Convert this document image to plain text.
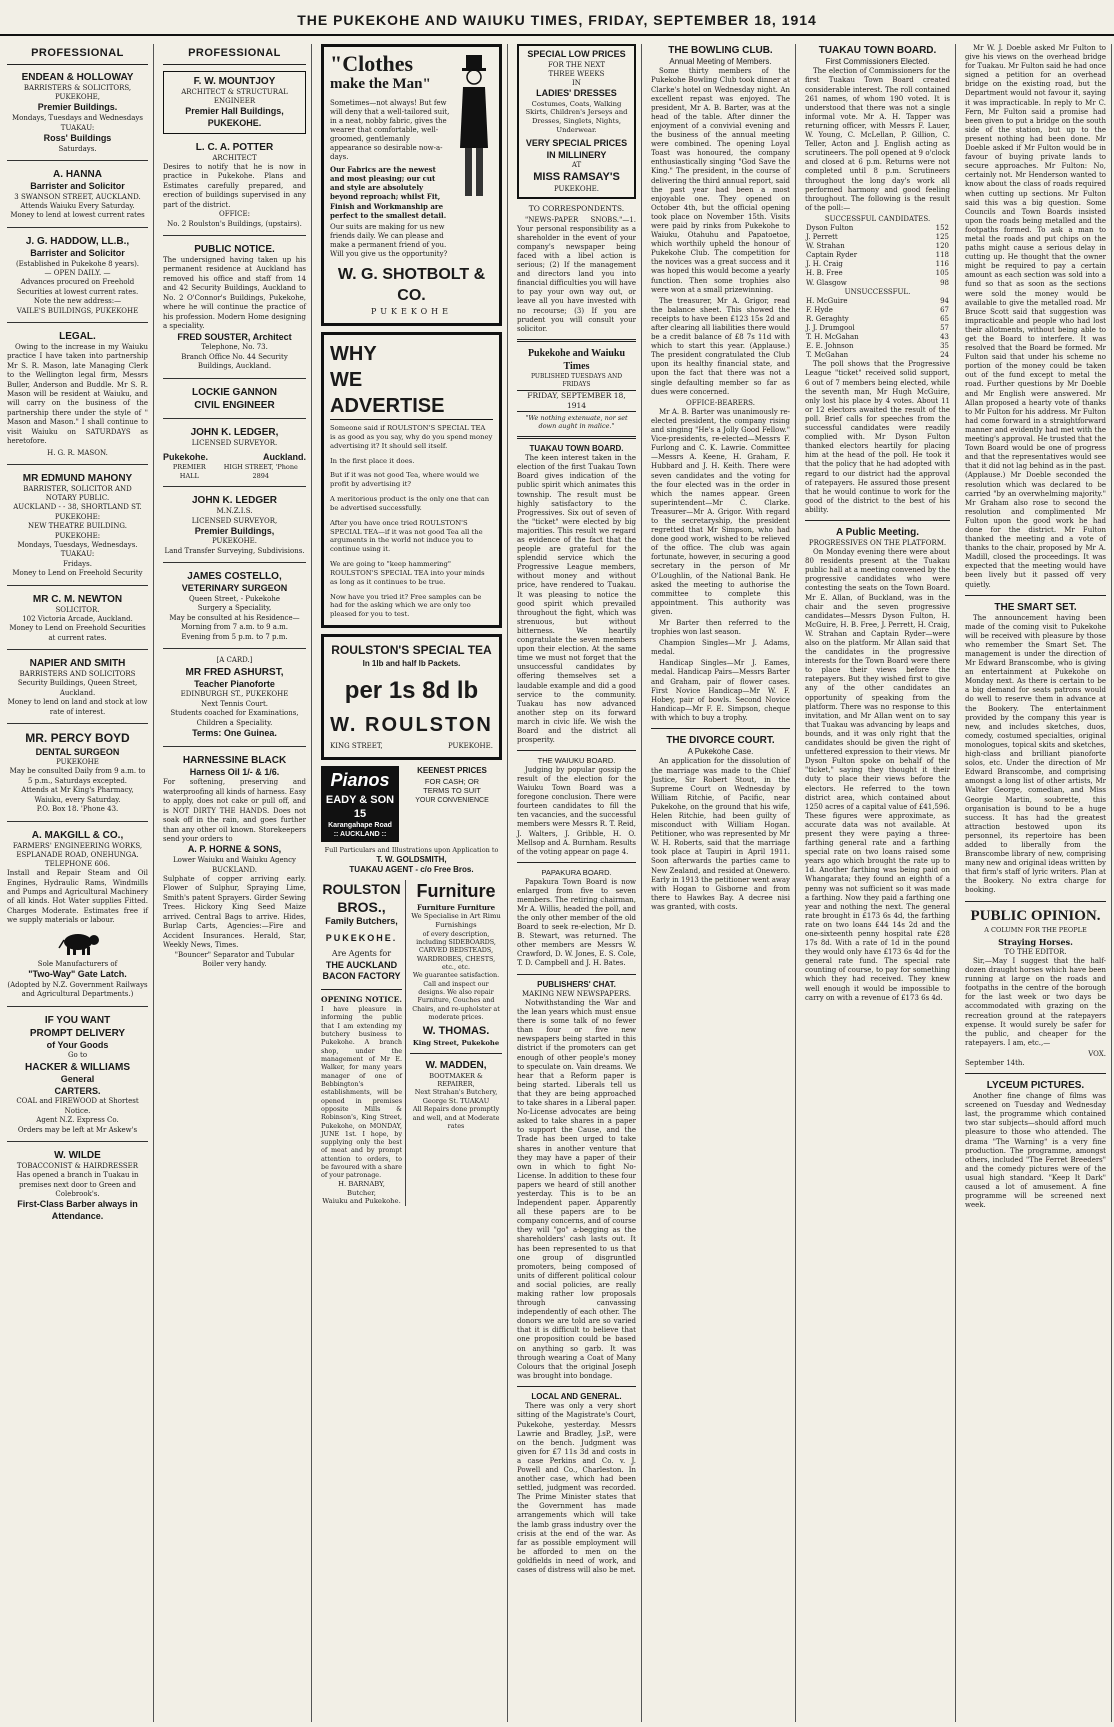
THE PUKEKOHE AND WAIUKU TIMES, FRIDAY, SEPTEMBER 18, 1914
PROFESSIONAL
ENDEAN & HOLLOWAY
BARRISTERS & SOLICITORS,
PUKEKOHE,
Premier Buildings.

Mondays, Tuesdays and Wednesdays

TUAKAU:

Ross' Buildings

Saturdays.

A. HANNA
Barrister and Solicitor
3 SWANSON STREET, AUCKLAND.

Attends Waiuku Every Saturday.

Money to lend at lowest current rates

J. G. HADDOW, LL.B.,
Barrister and Solicitor

(Established in Pukekohe 8 years).

— OPEN DAILY. —

Advances procured on Freehold Securities at lowest current rates.

Note the new address:—

VAILE'S BUILDINGS, PUKEKOHE
LEGAL.

Owing to the increase in my Waiuku practice I have taken into partnership Mr S. R. Mason, late Managing Clerk to the Wellington legal firm, Messrs Buller, Anderson and Buddle. Mr S. R. Mason will be resident at Waiuku, and will carry on the business of the partnership there under the style of " Mason and Mason." I shall continue to visit Waiuku on SATURDAYS as heretofore.

H. G. R. MASON.

MR EDMUND MAHONY
BARRISTER, SOLICITOR AND NOTARY PUBLIC.

AUCKLAND - - 38, SHORTLAND ST.

PUKEKOHE:

NEW THEATRE BUILDING.

PUKEKOHE:

Mondays, Tuesdays, Wednesdays.

TUAKAU:

Fridays.

Money to Lend on Freehold Security

MR C. M. NEWTON
SOLICITOR.

102 Victoria Arcade, Auckland.

Money to Lend on Freehold Securities at current rates.

NAPIER AND SMITH
BARRISTERS AND SOLICITORS

Security Buildings, Queen Street, Auckland.

Money to lend on land and stock at low rate of interest.

MR. PERCY BOYD
DENTAL SURGEON
PUKEKOHE

May be consulted Daily from 9 a.m. to 5 p.m., Saturdays excepted.

Attends at Mr King's Pharmacy,

Waiuku, every Saturday.

P.O. Box 18. 'Phone 43.

A. MAKGILL & CO.,
FARMERS' ENGINEERING WORKS,
ESPLANADE ROAD, ONEHUNGA.

TELEPHONE 606.

Install and Repair Steam and Oil Engines, Hydraulic Rams, Windmills and Pumps and Agricultural Machinery of all kinds. Hot Water supplies Fitted. Charges Moderate. Estimates free if we supply materials or labour.

Sole Manufacturers of

"Two-Way" Gate Latch.

(Adopted by N.Z. Government Railways and Agricultural Departments.)

IF YOU WANT
PROMPT DELIVERY
of Your Goods

Go to

HACKER & WILLIAMS
General
CARTERS.

COAL and FIREWOOD at Shortest Notice.

Agent N.Z. Express Co.

Orders may be left at Mr Askew's

W. WILDE
TOBACCONIST & HAIRDRESSER

Has opened a branch in Tuakau in premises next door to Green and Colebrook's.

First-Class Barber always in Attendance.
PROFESSIONAL
F. W. MOUNTJOY
ARCHITECT & STRUCTURAL ENGINEER
Premier Hall Buildings,
PUKEKOHE.
L. C. A. POTTER
ARCHITECT

Desires to notify that he is now in practice in Pukekohe. Plans and Estimates carefully prepared, and erection of buildings supervised in any part of the district.

OFFICE:

No. 2 Roulston's Buildings, (upstairs).

PUBLIC NOTICE.

The undersigned having taken up his permanent residence at Auckland has removed his office and staff from 14 and 42 Security Buildings, Auckland to No. 2 O'Connor's Buildings, Pukekohe, where he will continue the practice of his profession. Modern Home designing a speciality.

FRED SOUSTER, Architect

Telephone, No. 73.

Branch Office No. 44 Security Buildings, Auckland.

LOCKIE GANNON
CIVIL ENGINEER
JOHN K. LEDGER,
LICENSED SURVEYOR.
Pukekohe.	Auckland.
PREMIER HALL
HIGH STREET, 'Phone 2894
JOHN K. LEDGER

M.N.Z.I.S.

LICENSED SURVEYOR,
Premier Buildings,

PUKEKOHE.

Land Transfer Surveying, Subdivisions.

JAMES COSTELLO,
VETERINARY SURGEON

Queen Street, - Pukekohe

Surgery a Speciality,

May be consulted at his Residence—

Morning from 7 a.m. to 9 a.m.

Evening from 5 p.m. to 7 p.m.

[A CARD.]

MR FRED ASHURST,
Teacher Pianoforte

EDINBURGH ST., PUKEKOHE

Next Tennis Court.

Students coached for Examinations, Children a Speciality.

Terms: One Guinea.
HARNESSINE BLACK
Harness Oil 1/- & 1/6.

For softening, preserving and waterproofing all kinds of harness. Easy to apply, does not cake or pull off, and is NOT DIRTY THE HANDS. Does not soak off in the rain, and goes further than any other oil known. Storekeepers send your orders to

A. P. HORNE & SONS,

Lower Waiuku and Waiuku Agency

BUCKLAND.

Sulphate of copper arriving early. Flower of Sulphur, Spraying Lime, Smith's patent Sprayers. Girder Sewing Trees. Hickory King Seed Maize arrived. Central Bags to arrive. Hides, Burlap Carts, Agencies:—Fire and Accident Insurances. Herald, Star, Weekly News, Times.

"Bouncer" Separator and Tubular Boiler very handy.

"Clothes
make the Man"

Sometimes—not always! But few will deny that a well-tailored suit, in a neat, nobby fabric, gives the wearer that comfortable, well-groomed, gentlemanly appearance so desirable now-a-days.

Our Fabrics are the newest and most pleasing; our cut and style are absolutely beyond reproach; whilst Fit, Finish and Workmanship are perfect to the smallest detail.

Our suits are making for us new friends daily. We can please and make a permanent friend of you. Will you give us the opportunity?

W. G. SHOTBOLT & CO.
PUKEKOHE
WHY
WE
ADVERTISE

Someone said if ROULSTON'S SPECIAL TEA is as good as you say, why do you spend money advertising it? It should sell itself.

In the first place it does.

But if it was not good Tea, where would we profit by advertising it?

A meritorious product is the only one that can be advertised successfully.

After you have once tried ROULSTON'S SPECIAL TEA—if it was not good Tea all the arguments in the world not induce you to continue using it.

We are going to "keep hammering" ROULSTON'S SPECIAL TEA into your minds as long as it continues to be true.

Now have you tried it? Free samples can be had for the asking which we are only too pleased for you to test.

ROULSTON'S SPECIAL TEA
In 1lb and half lb Packets.
per 1s 8d lb
W. ROULSTON
KING STREET,	PUKEKOHE.
Pianos
EADY & SON
15
Karangahape Road
:: AUCKLAND ::
KEENEST PRICES
FOR CASH; OR
TERMS TO SUIT
YOUR CONVENIENCE

Full Particulars and Illustrations upon Application to

T. W. GOLDSMITH,
TUAKAU AGENT - c/o Free Bros.
ROULSTON BROS.,
Family Butchers,
PUKEKOHE.
Are Agents for
THE AUCKLAND
BACON FACTORY
OPENING NOTICE.

I have pleasure in informing the public that I am extending my butchery business to Pukekohe. A branch shop, under the management of Mr E. Walker, for many years manager of one of Bebbington's establishments, will be opened in premises opposite Mills & Robinson's, King Street, Pukekohe, on MONDAY, JUNE 1st. I hope, by supplying only the best of meat and by prompt attention to orders, to be favoured with a share of your patronage.

H. BARNABY,

Butcher,

Waiuku and Pukekohe.

Furniture
Furniture Furniture

We Specialise in Art Rimu Furnishings

of every description, including SIDEBOARDS, CARVED BEDSTEADS, WARDROBES, CHESTS, etc., etc.

We guarantee satisfaction. Call and inspect our designs. We also repair Furniture, Couches and Chairs, and re-upholster at moderate prices.

W. THOMAS.

King Street, Pukekohe

W. MADDEN,

BOOTMAKER & REPAIRER,

Next Strahan's Butchery, George St. TUAKAU

All Repairs done promptly and well, and at Moderate rates

SPECIAL LOW PRICES
FOR THE NEXT
THREE WEEKS
IN
LADIES' DRESSES

Costumes, Coats, Walking Skirts, Children's Jerseys and Dresses, Singlets, Nights, Underwear.

VERY SPECIAL PRICES
IN MILLINERY
AT
MISS RAMSAY'S
PUKEKOHE.
TO CORRESPONDENTS.

"NEWS-PAPER SNOBS."—1. Your personal responsibility as a shareholder in the event of your company's newspaper being faced with a libel action is serious; (2) If the management and directors land you into financial difficulties you will have to pay your own way out, or leave all you have invested with no recourse; (3) If you are prudent you will consult your solicitor.

Pukekohe and Waiuku Times
PUBLISHED TUESDAYS AND FRIDAYS
FRIDAY, SEPTEMBER 18, 1914
"We nothing extenuate, nor set down aught in malice."
TUAKAU TOWN BOARD.

The keen interest taken in the election of the first Tuakau Town Board gives indication of the public spirit which animates this township. The result must be highly satisfactory to the Progressives. Six out of seven of the "ticket" were elected by big majorities. This result we regard as evidence of the fact that the people are grateful for the splendid service which the Progressive League members, without money and without price, have rendered to Tuakau. It was pleasing to notice the good spirit which prevailed throughout the fight, which was strenuous, but without bitterness. We heartily congratulate the seven members upon their election. At the same time we must not forget that the unsuccessful candidates by offering themselves set a laudable example and did a good service to the community. Tuakau has now advanced another step on its forward march in civic life. We wish the Board and the district all prosperity.

THE WAIUKU BOARD.

Judging by popular gossip the result of the election for the Waiuku Town Board was a foregone conclusion. There were fourteen candidates to fill the ten vacancies, and the successful members were Messrs R. T. Reid, J. Walters, J. Gribble, H. O. Mellsop and A. Burnham. Results of the voting appear on page 4.

PAPAKURA BOARD.

Papakura Town Board is now enlarged from five to seven members. The retiring chairman, Mr A. Willis, headed the poll, and the only other member of the old Board to seek re-election, Mr D. B. Stewart, was returned. The other members are Messrs W. Crawford, D. W. Jones, E. S. Cole, T. D. Campbell and J. H. Bates.

PUBLISHERS' CHAT.
MAKING NEW NEWSPAPERS.

Notwithstanding the War and the lean years which must ensue there is some talk of no fewer than four or five new newspapers being started in this district if the promoters can get enough of other people's money to speculate on. Vain dreams. We hear that a Reform paper is being started. Liberals tell us that they are being approached to take shares in a Liberal paper. No-License advocates are being asked to take shares in a paper to support the Cause, and the Trade has been urged to take shares in another venture that they may have a paper of their own in which to fight No-License. In addition to these four papers we heard of still another yesterday. This is to be an Independent paper. Apparently all these papers are to be company concerns, and of course they will "go" a-begging as the shareholders' cash lasts out. It has been represented to us that one group of disgruntled promoters, being composed of units of different political colour and social policies, are really making rather low proposals through canvassing independently of each other. The donors we are told are so varied that it is difficult to believe that one proposition could be based on anything so garb. It was through wearing a Coat of Many Colours that the original Joseph was brought into bondage.

LOCAL AND GENERAL.

There was only a very short sitting of the Magistrate's Court, Pukekohe, yesterday. Messrs Lawrie and Bradley, J.sP., were on the bench. Judgment was given for £7 11s 3d and costs in a case Perkins and Co. v. J. Powell and Co., Charleston. In another case, which had been settled, judgment was recorded. The Prime Minister states that the Government has made arrangements which will take the lamb grass industry over the crisis at the end of the war. As far as possible employment will be afforded to men on the goldfields in need of work, and cases of distress will also be met.

THE BOWLING CLUB.
Annual Meeting of Members.

Some thirty members of the Pukekohe Bowling Club took dinner at Clarke's hotel on Wednesday night. An excellent repast was enjoyed. The president, Mr A. B. Barter, was at the head of the table. After dinner the enjoyment of a convivial evening and the business of the annual meeting were combined. The opening Loyal Toast was honoured, the company enthusiastically singing "God Save the King." The president, in the course of delivering the third annual report, said the past year had been a most enjoyable one. They opened on October 4th, but the official opening took place on November 15th. Visits were paid by rinks from Pukekohe to Waiuku, Otahuhu and Papatoetoe, which worthily upheld the honour of Pukekohe Club. The competition for the novices was a great success and it was hoped this would become a yearly function. Then some trophies also were won at a small prizewinning.

The treasurer, Mr A. Grigor, read the balance sheet. This showed the receipts to have been £123 15s 2d and after clearing all liabilities there would be a credit balance of £8 7s 11d with which to start this year. (Applause.) The president congratulated the Club upon its healthy financial state, and upon the fact that there was not a single defaulting member so far as dues were concerned.

OFFICE-BEARERS.

Mr A. B. Barter was unanimously re-elected president, the company rising and singing "He's a Jolly Good Fellow." Vice-presidents, re-elected—Messrs F. Furlong and C. K. Lawrie. Committee—Messrs A. Keene, H. Graham, F. Hubbard and J. H. Keith. There were seven candidates and the voting for the four elected was in the order in which the names appear. Green superintendent—Mr C. Clarke. Treasurer—Mr A. Grigor. With regard to the secretaryship, the president regretted that Mr Simpson, who had done good work, wished to be relieved of the office. The club was again fortunate, however, in securing a good secretary in the person of Mr O'Loughlin, of the National Bank. He asked the meeting to authorise the committee to complete this appointment. This authority was given.

Mr Barter then referred to the trophies won last season.

Champion Singles—Mr J. Adams, medal.

Handicap Singles—Mr J. Eames, medal. Handicap Pairs—Messrs Barter and Graham, pair of flower cases. First Novice Handicap—Mr W. F. Hobey, pair of bowls. Second Novice Handicap—Mr F. E. Simpson, cheque with which to buy a trophy.

THE DIVORCE COURT.
A Pukekohe Case.

An application for the dissolution of the marriage was made to the Chief Justice, Sir Robert Stout, in the Supreme Court on Wednesday by William Ritchie, of Pacific, near Pukekohe, on the ground that his wife, Helen Ritchie, had been guilty of misconduct with William Hogan. Petitioner, who was represented by Mr W. H. Roberts, said that the marriage took place at Taupiri in April 1911. Soon afterwards the parties came to New Zealand, and resided at Onewero. Early in 1913 the petitioner went away with Hogan to Gisborne and from there to Hawkes Bay. A decree nisi was granted, with costs.

TUAKAU TOWN BOARD.
First Commissioners Elected.

The election of Commissioners for the first Tuakau Town Board created considerable interest. The roll contained 261 names, of whom 190 voted. It is understood that there was not a single informal vote. Mr A. H. Tapper was returning officer, with Messrs F. Lauer, W. Young, C. McLellan, P. Gillion, C. Teller, Acton and J. English acting as scrutineers. The poll opened at 9 o'clock and closed at 6 p.m. Returns were not completed until 8 p.m. Scrutineers throughout the long day's work all performed harmony and good feeling throughout. The following is the result of the poll:—

SUCCESSFUL CANDIDATES.
Dyson Fulton	152
J. Perrett	125
W. Strahan	120
Captain Ryder	118
J. H. Craig	116
H. B. Free	105
W. Glasgow	98
UNSUCCESSFUL.
H. McGuire	94
F. Hyde	67
R. Geraghty	65
J. J. Drumgool	57
T. H. McGahan	43
E. E. Johnson	35
T. McGahan	24

The poll shows that the Progressive League "ticket" received solid support, 6 out of 7 members being elected, while the seventh man, Mr Hugh McGuire, only lost his place by 4 votes. About 11 or 12 electors awaited the result of the poll. Brief calls for speeches from the successful candidates were readily complied with. Mr Dyson Fulton thanked electors heartily for placing him at the head of the poll. He took it that the policy that he had adopted with regard to our district had the approval of ratepayers. He assured those present that he would continue to work for the good of the district to the best of his ability.

A Public Meeting.
PROGRESSIVES ON THE PLATFORM.

On Monday evening there were about 80 residents present at the Tuakau public hall at a meeting convened by the progressive candidates who were contesting the seats on the Town Board. Mr E. Allan, of Buckland, was in the chair and the seven progressive candidates—Messrs Dyson Fulton, H. McGuire, H. B. Free, J. Perrett, H. Craig, W. Strahan and Captain Ryder—were also on the platform. Mr Allan said that the candidates in the progressive interests for the Town Board were there to place their views before the ratepayers. But they wished first to give any of the other candidates an opportunity of speaking from the platform. There was no response to this invitation, and Mr Allan went on to say that Tuakau was advancing by leaps and bounds, and it was only right that the candidates should be given the right of unfettered expression to their views. Mr Dyson Fulton spoke on behalf of the "ticket," saying they thought it their duty to place their views before the electors. He referred to the town district area, which contained about 1250 acres of a capital value of £41,596. These figures were approximate, as accurate data was not available. At present they were paying a three-farthing general rate and a farthing special rate on two loans raised some years ago which brought the rate up to 1d. Another farthing was being paid on Whangarata; they found an eighth of a penny was not sufficient so it was made a farthing. Now they paid a farthing one year and nothing the next. The general rate brought in £173 6s 4d, the farthing rate on two loans £44 14s 2d and the one-sixteenth penny hospital rate £28 17s 8d. With a rate of 1d in the pound they would only have £173 6s 4d for the general rate fund. The special rate counting of course, to pay for something which they had received. They knew well enough it would be impossible to carry on with a revenue of £173 6s 4d.

Mr W. J. Doeble asked Mr Fulton to give his views on the overhead bridge for Tuakau. Mr Fulton said he had once signed a petition for an overhead bridge on the existing road, but the Department would not favour it, saying it was impracticable. In reply to Mr C. Fern, Mr Fulton said a promise had been given to put a bridge on the south side of the station, but up to the present nothing had been done. Mr Doeble asked if Mr Fulton would be in favour of buying private lands to secure approaches. Mr Fulton: No, certainly not. Mr Henderson wanted to know about the class of roads required when cutting up sections. Mr Fulton said this was a big question. Some Councils and Town Boards insisted upon the roads being metalled and the footpaths formed. To ask a man to metal the roads and put chips on the paths might cause a serious delay in cutting up. He thought that the owner might be required to pay a certain amount as each section was sold into a fund so that as soon as the sections were sold the money would be available to give the metalled road. Mr Bruce Scott said that suggestion was impracticable and people who had lost their allotments, without being able to get the Board to interfere. It was resolved that the Board be formed. Mr Fulton said that under his scheme no portion of the money could be taken out of the fund except to metal the road. Further questions by Mr Doeble and Mr English were answered. Mr Allan proposed a hearty vote of thanks to Mr Fulton for his address. Mr Fulton had come forward in a straightforward manner and evidently had met with the meeting's approval. He trusted that the Town Board would be one of progress and that the representatives would see that it did not lag behind as in the past. (Applause.) Mr Doeble seconded the resolution which was declared to be carried "by an overwhelming majority." Mr Graham also rose to second the resolution and complimented Mr Fulton upon the good work he had done for the district. Mr Fulton thanked the meeting and a vote of thanks to the chair, proposed by Mr A. Madill, closed the proceedings. It was expected that the meeting would have been lively but it passed off very quietly.

THE SMART SET.

The announcement having been made of the coming visit to Pukekohe will be received with pleasure by those who remember the Smart Set. The management is under the direction of Mr Edward Branscombe, who is giving an entertainment at Pukekohe on Monday next. As there is certain to be a big demand for seats patrons would do well to reserve them in advance at the Bookery. The entertainment provided by the company this year is new, and includes sketches, duos, comedy, costumed specialties, original monologues, topical skits and sketches, high-class and brilliant pianoforte solos, etc. Under the direction of Mr Edward Branscombe, and comprising amongst a long list of other artists, Mr Walter George, comedian, and Miss Georgie Martin, soubrette, this organisation is bound to be a huge success. It has had the greatest attraction bestowed upon its personnel, its repertoire has been added to liberally from the Branscombe library of new, comprising many new and original ideas written by that firm's staff of lyric writers. Plan at the Bookery. No extra charge for booking.

PUBLIC OPINION.
A COLUMN FOR THE PEOPLE
Straying Horses.
TO THE EDITOR.

Sir,—May I suggest that the half-dozen draught horses which have been running at large on the roads and footpaths in the centre of the borough for the last week or two days be accommodated with grazing on the recreation ground at the ratepayers expense. It would surely be safer for the public, and cheaper for the ratepayers. I am, etc.,—

VOX.
September 14th.
LYCEUM PICTURES.

Another fine change of films was screened on Tuesday and Wednesday last, the programme which contained two star subjects—should afford much pleasure to those who attended. The drama "The Warning" is a very fine production. The programme, amongst others, included "The Ferret Breeders" and the comedy pictures were of the usual high standard. "Keep It Dark" caused a lot of amusement. A fine programme will be screened next week.
